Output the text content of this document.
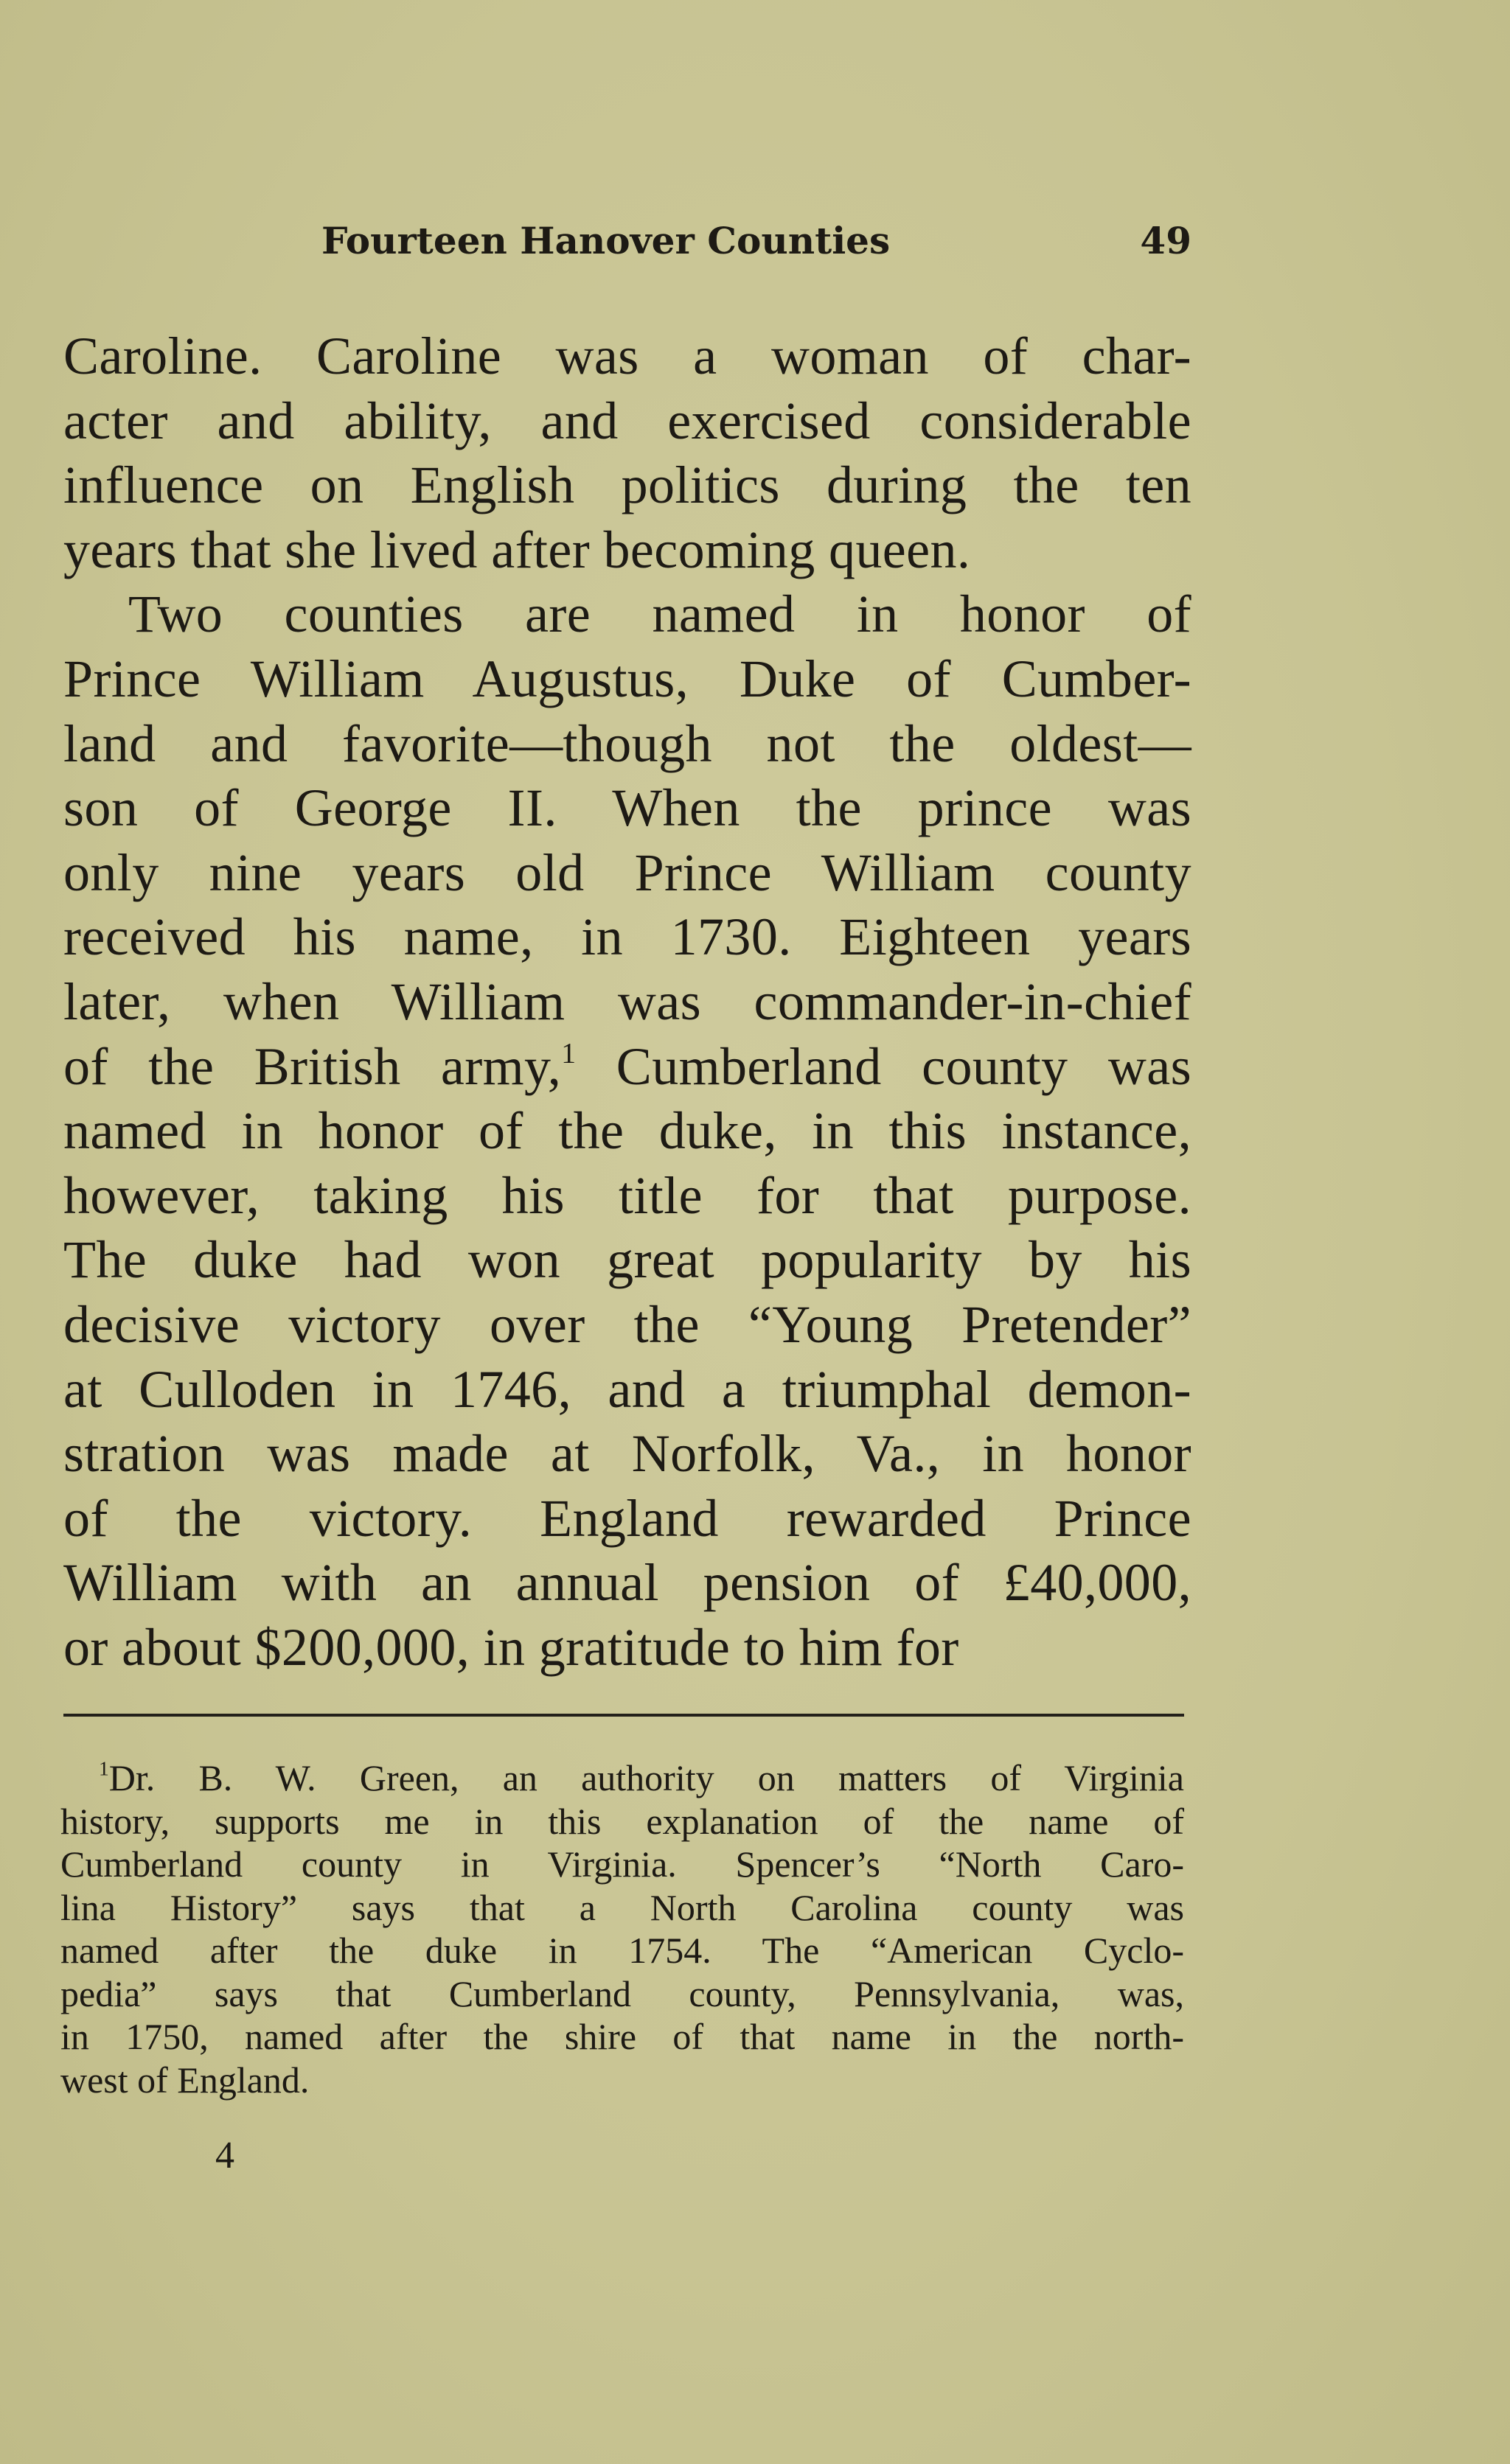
Fourteen Hanover Counties	49

Caroline. Caroline was a woman of char-
acter and ability, and exercised considerable
influence on English politics during the ten
years that she lived after becoming queen.

Two counties are named in honor of
Prince William Augustus, Duke of Cumber-
land and favorite—though not the oldest—
son of George II. When the prince was
only nine years old Prince William county
received his name, in 1730. Eighteen years
later, when William was commander-in-chief
of the British army,$^1$ Cumberland county was
named in honor of the duke, in this instance,
however, taking his title for that purpose.
The duke had won great popularity by his
decisive victory over the “Young Pretender”
at Culloden in 1746, and a triumphal demon-
stration was made at Norfolk, Va., in honor
of the victory. England rewarded Prince
William with an annual pension of £40,000,
or about $200,000, in gratitude to him for

$^1$Dr. B. W. Green, an authority on matters of Virginia
history, supports me in this explanation of the name of
Cumberland county in Virginia. Spencer’s “North Caro-
lina History” says that a North Carolina county was
named after the duke in 1754. The “American Cyclo-
pedia” says that Cumberland county, Pennsylvania, was,
in 1750, named after the shire of that name in the north-
west of England.
4
